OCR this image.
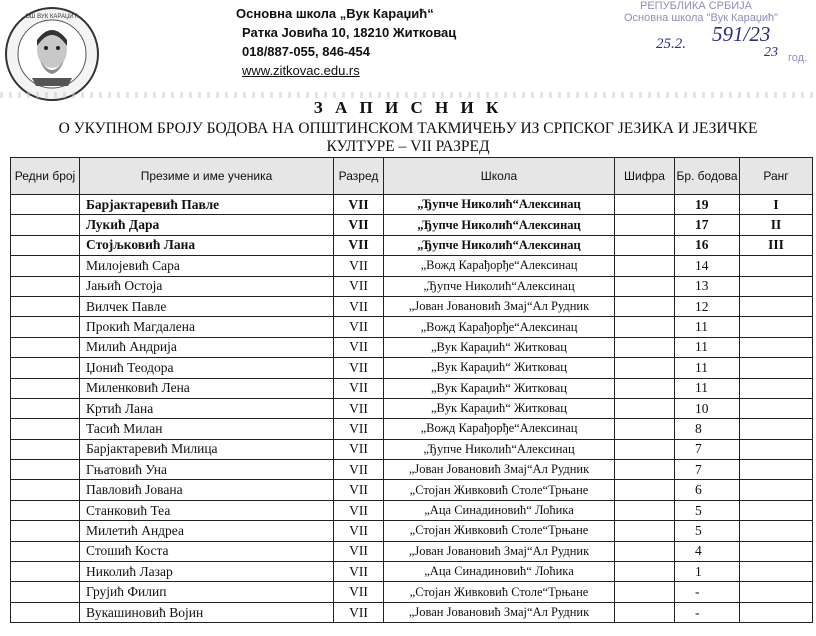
ОШ ВУК КАРАЏИЋ	Основна школа „Вук Караџић“
Ратка Јовића 10, 18210 Житковац
018/887-055, 846-454
www.zitkovac.edu.rs
РЕПУБЛИКА СРБИЈА
Основна школа "Вук Караџић"
25.2. 591/23
23 год.
З А П И С Н И К
О УКУПНОМ БРОЈУ БОДОВА НА ОПШТИНСКОМ ТАКМИЧЕЊУ ИЗ СРПСКОГ ЈЕЗИКА И ЈЕЗИЧКЕ
КУЛТУРЕ – VII РАЗРЕД
Редни број	Презиме и име ученика	Разред	Школа	Шифра	Бр. бодова	Ранг
	Барјактаревић Павле	VII	„Ђупче Николић“Алексинац		19	I
	Лукић Дара	VII	„Ђупче Николић“Алексинац		17	II
	Стојљковић Лана	VII	„Ђупче Николић“Алексинац		16	III
	Милојевић Сара	VII	„Вожд Карађорђе“Алексинац		14	
	Јањић Остоја	VII	„Ђупче Николић“Алексинац		13	
	Вилчек Павле	VII	„Јован Јовановић Змај“Ал Рудник		12	
	Прокић Магдалена	VII	„Вожд Карађорђе“Алексинац		11	
	Милић Андрија	VII	„Вук Караџић“ Житковац		11	
	Џонић Теодора	VII	„Вук Караџић“ Житковац		11	
	Миленковић Лена	VII	„Вук Караџић“ Житковац		11	
	Кртић Лана	VII	„Вук Караџић“ Житковац		10	
	Тасић Милан	VII	„Вожд Карађорђе“Алексинац		8	
	Барјактаревић Милица	VII	„Ђупче Николић“Алексинац		7	
	Гњатовић Уна	VII	„Јован Јовановић Змај“Ал Рудник		7	
	Павловић Јована	VII	„Стојан Живковић Столе“Трњане		6	
	Станковић Теа	VII	„Аца Синадиновић“ Лоћика		5	
	Милетић Андреа	VII	„Стојан Живковић Столе“Трњане		5	
	Стошић Коста	VII	„Јован Јовановић Змај“Ал Рудник		4	
	Николић Лазар	VII	„Аца Синадиновић“ Лоћика		1	
	Грујић Филип	VII	„Стојан Живковић Столе“Трњане		-	
	Вукашиновић Војин	VII	„Јован Јовановић Змај“Ал Рудник		-	
